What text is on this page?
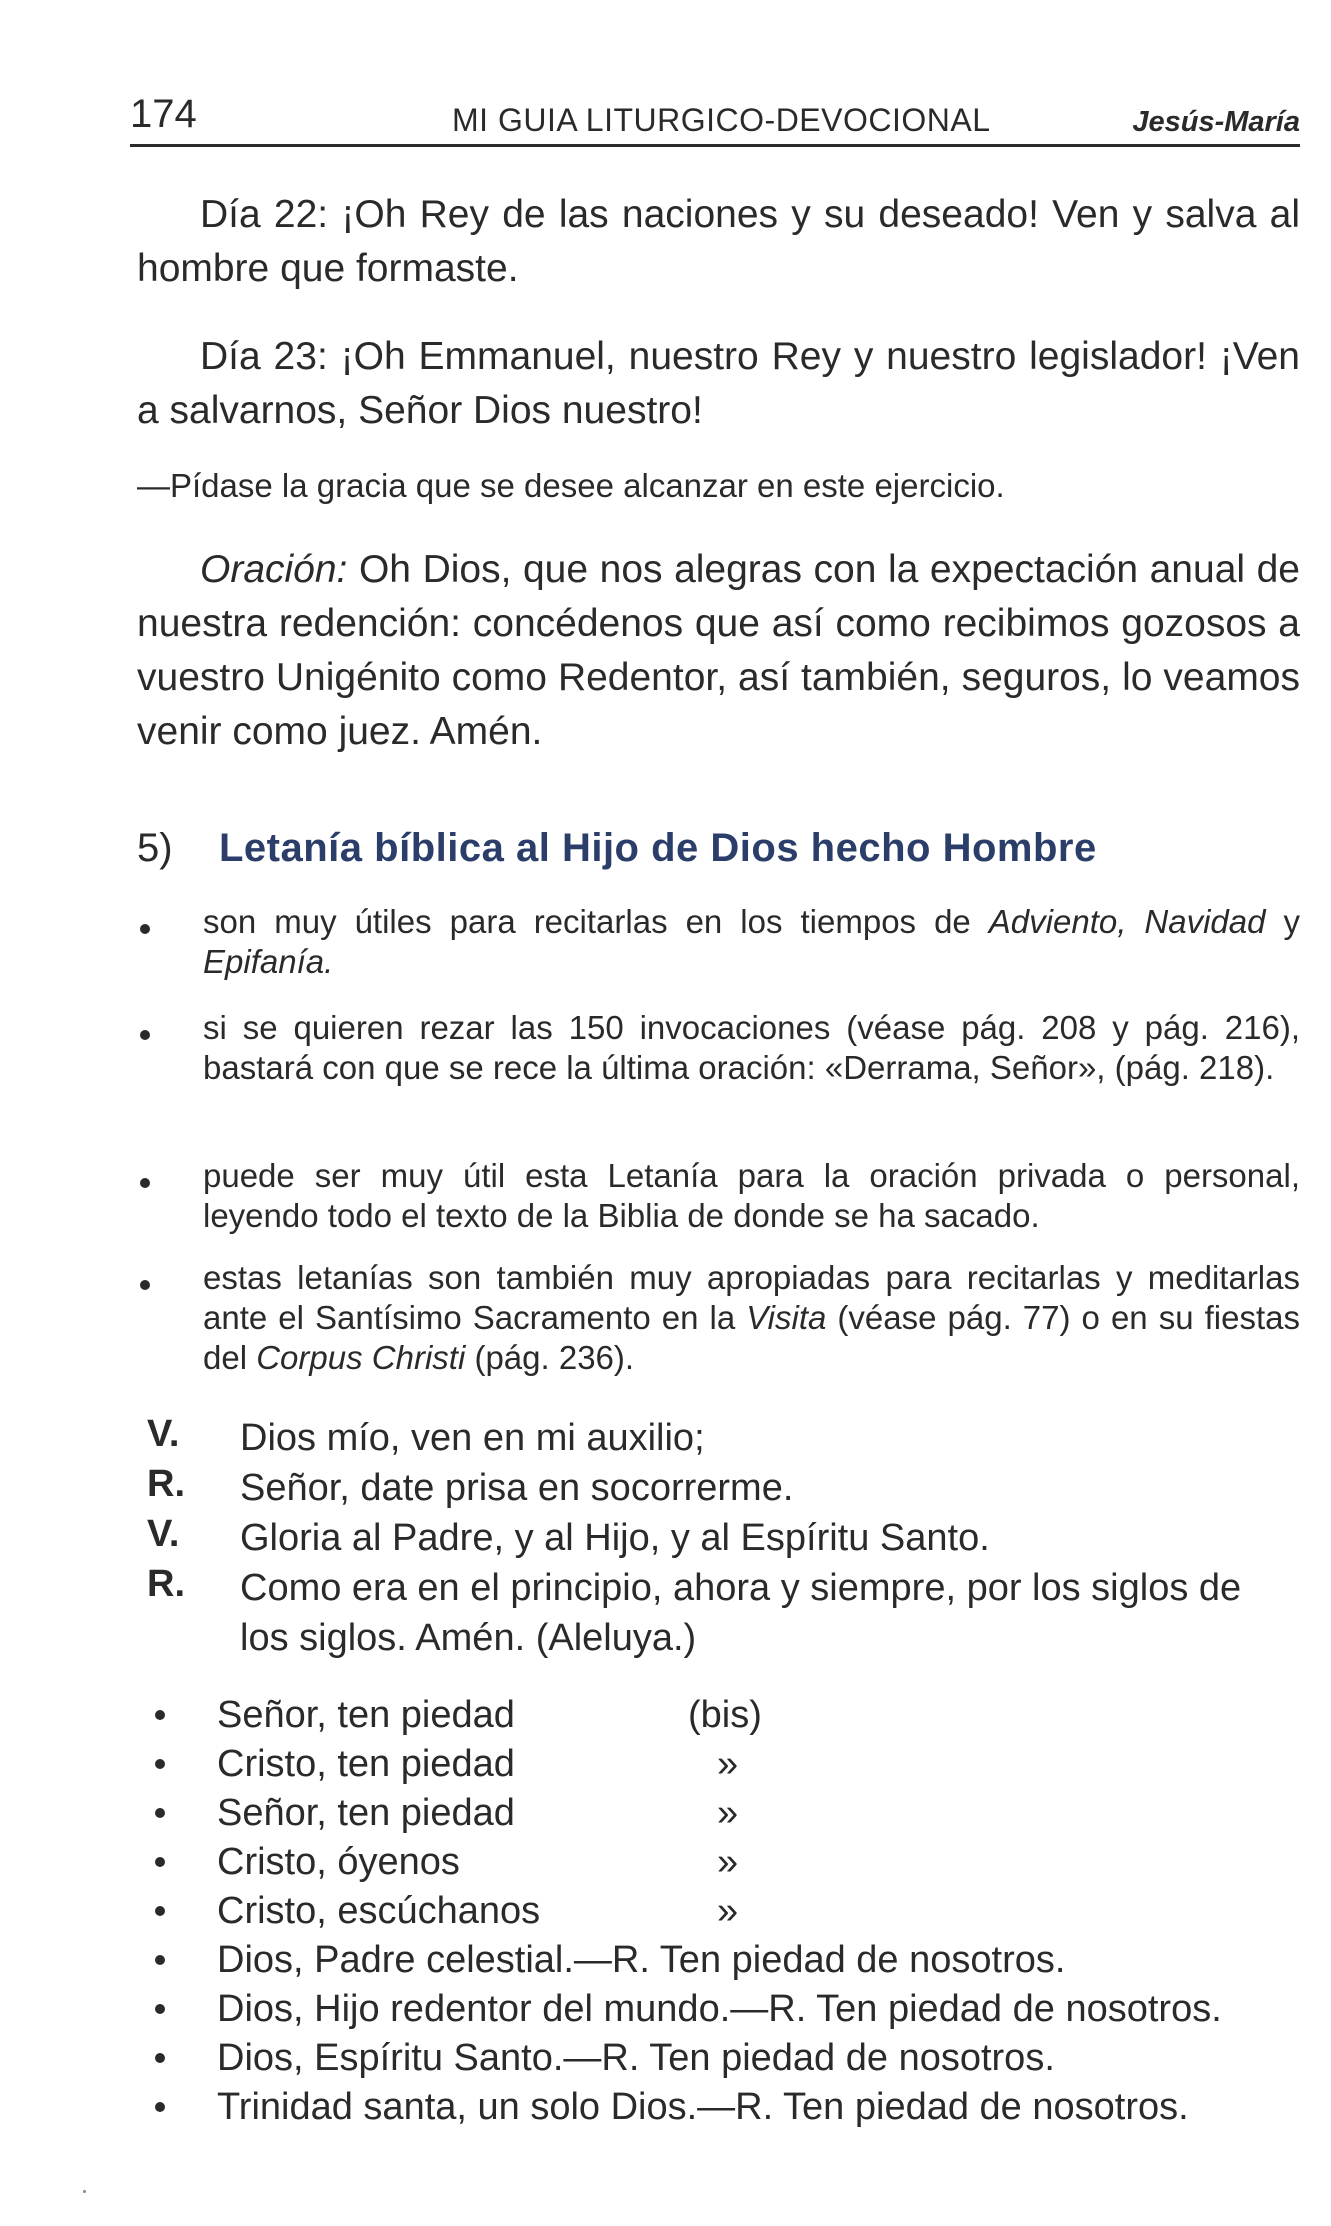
174	MI GUIA LITURGICO-DEVOCIONAL	Jesús-María

Día 22: ¡Oh Rey de las naciones y su deseado! Ven y salva al hombre que formaste.

Día 23: ¡Oh Emmanuel, nuestro Rey y nuestro legislador! ¡Ven a salvarnos, Señor Dios nuestro!

—Pídase la gracia que se desee alcanzar en este ejercicio.

Oración: Oh Dios, que nos alegras con la expectación anual de nuestra redención: concédenos que así como recibimos gozosos a vuestro Unigénito como Redentor, así también, seguros, lo veamos venir como juez. Amén.

5) Letanía bíblica al Hijo de Dios hecho Hombre
son muy útiles para recitarlas en los tiempos de Adviento, Navidad y Epifanía.
si se quieren rezar las 150 invocaciones (véase pág. 208 y pág. 216), bastará con que se rece la última oración: «Derrama, Señor», (pág. 218).
puede ser muy útil esta Letanía para la oración privada o personal, leyendo todo el texto de la Biblia de donde se ha sacado.
estas letanías son también muy apropiadas para recitarlas y meditarlas ante el Santísimo Sacramento en la Visita (véase pág. 77) o en su fiestas del Corpus Christi (pág. 236).
V. Dios mío, ven en mi auxilio;
R. Señor, date prisa en socorrerme.
V. Gloria al Padre, y al Hijo, y al Espíritu Santo.
R. Como era en el principio, ahora y siempre, por los siglos de los siglos. Amén. (Aleluya.)
Señor, ten piedad	(bis)
Cristo, ten piedad	»
Señor, ten piedad	»
Cristo, óyenos	»
Cristo, escúchanos	»
Dios, Padre celestial.—R. Ten piedad de nosotros.
Dios, Hijo redentor del mundo.—R. Ten piedad de nosotros.
Dios, Espíritu Santo.—R. Ten piedad de nosotros.
Trinidad santa, un solo Dios.—R. Ten piedad de nosotros.
